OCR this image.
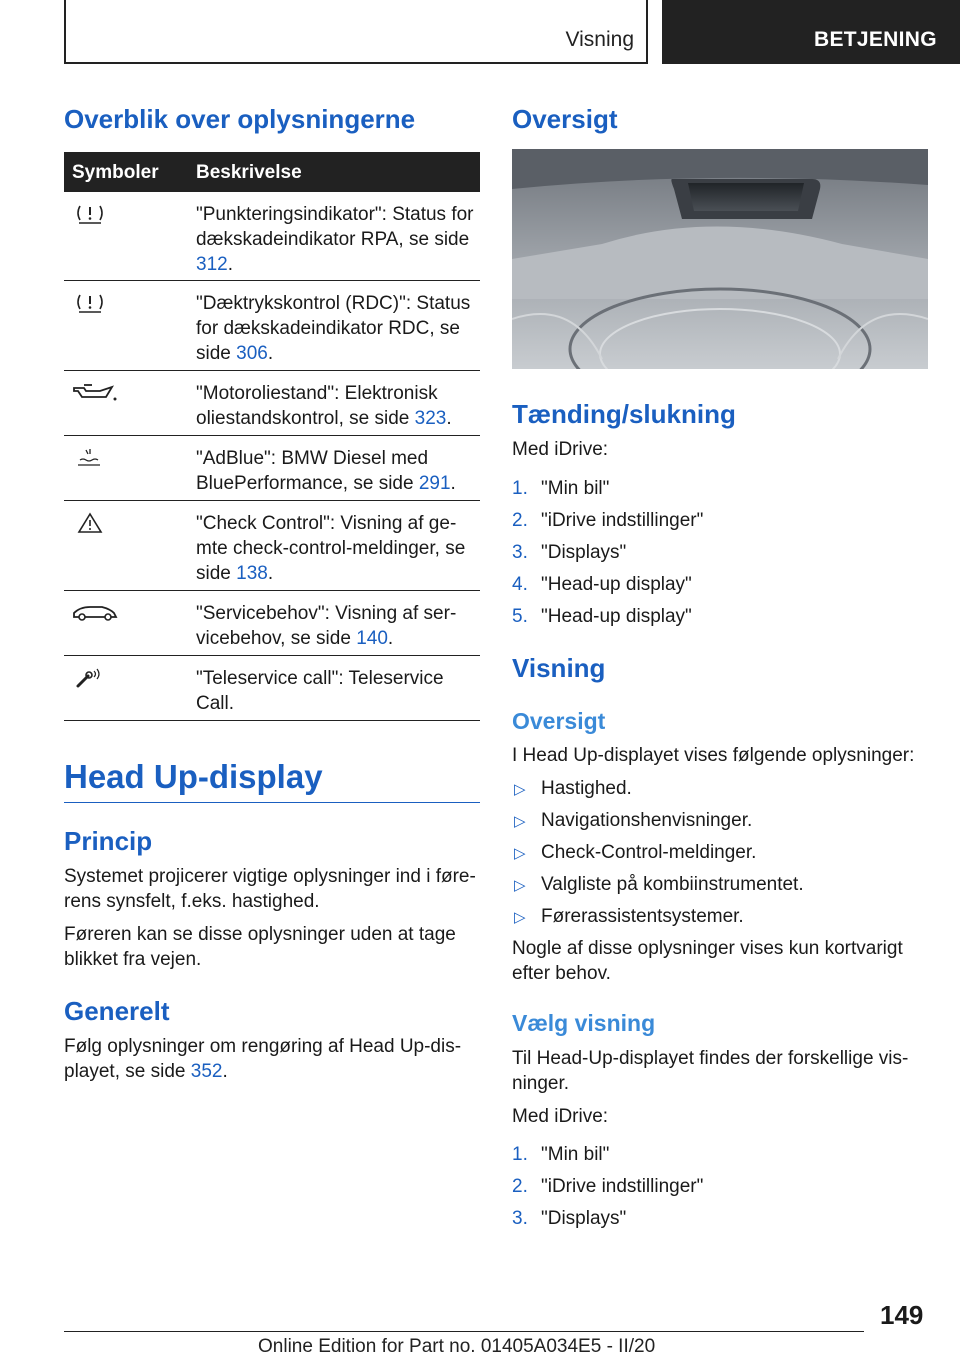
Visning	BETJENING
Overblik over oplysningerne
Symboler Beskrivelse
"Punkteringsindikator": Status for dækskadeindikator RPA, se side 312.
"Dæktrykskontrol (RDC)": Status for dækskadeindikator RDC, se side 306.
"Motoroliestand": Elektronisk oliestandskontrol, se side 323.
"AdBlue": BMW Diesel med BluePerformance, se side 291.
"Check Control": Visning af ge-mte check-control-meldinger, se side 138.
"Servicebehov": Visning af ser-vicebehov, se side 140.
"Teleservice call": Teleservice Call.
Head Up-display
Princip

Systemet projicerer vigtige oplysninger ind i føre-rens synsfelt, f.eks. hastighed.

Føreren kan se disse oplysninger uden at tage blikket fra vejen.

Generelt

Følg oplysninger om rengøring af Head Up-dis-playet, se side 352.

Oversigt
Tænding/slukning

Med iDrive:

1. "Min bil"
2. "iDrive indstillinger"
3. "Displays"
4. "Head-up display"
5. "Head-up display"
Visning
Oversigt

I Head Up-displayet vises følgende oplysninger:

▷ Hastighed.
▷ Navigationshenvisninger.
▷ Check-Control-meldinger.
▷ Valgliste på kombiinstrumentet.
▷ Førerassistentsystemer.

Nogle af disse oplysninger vises kun kortvarigt efter behov.

Vælg visning

Til Head-Up-displayet findes der forskellige vis-ninger.

Med iDrive:

1. "Min bil"
2. "iDrive indstillinger"
3. "Displays"
149
Online Edition for Part no. 01405A034E5 - II/20
